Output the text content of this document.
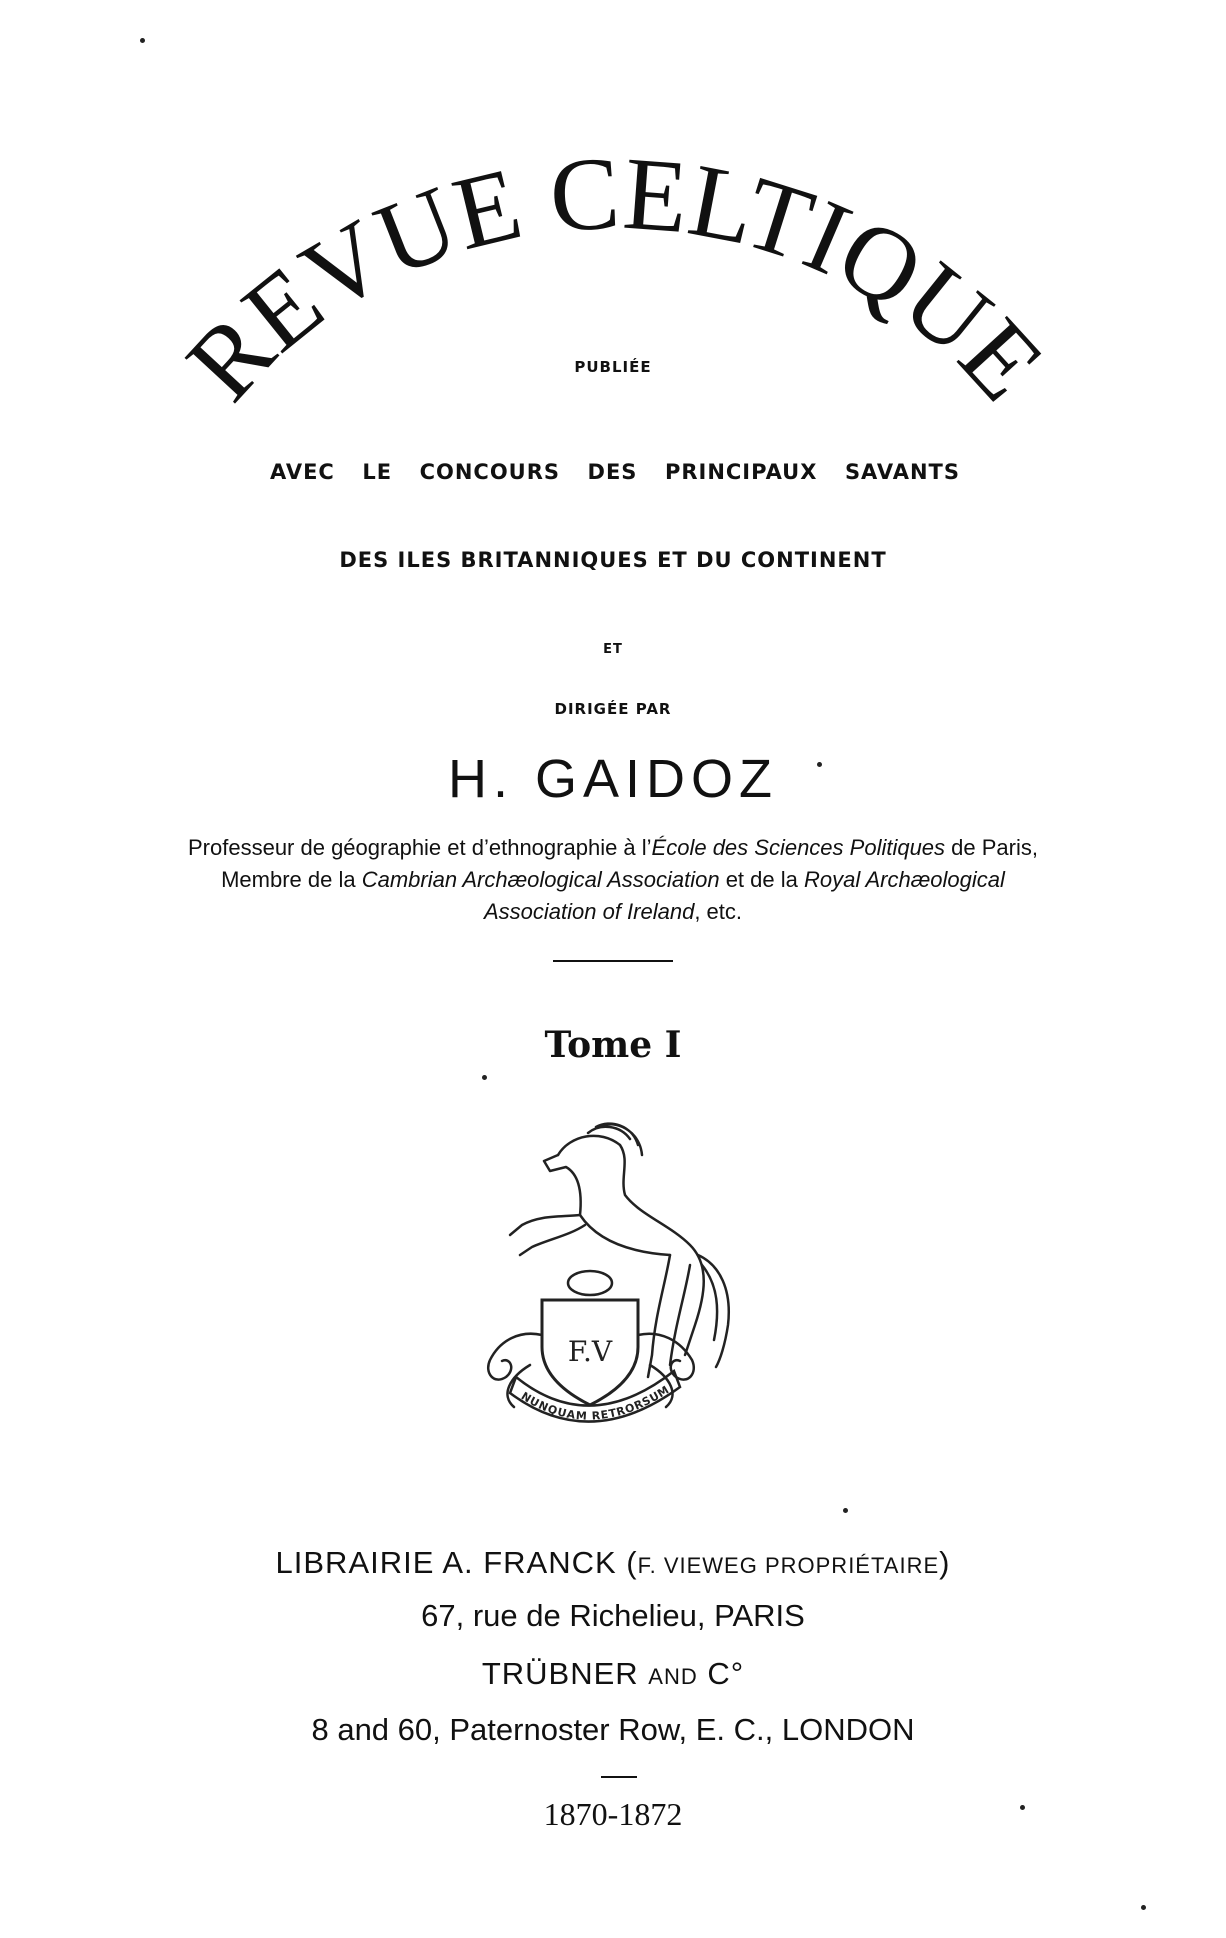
REVUE CELTIQUE
PUBLIÉE
AVEC LE CONCOURS DES PRINCIPAUX SAVANTS
DES ILES BRITANNIQUES ET DU CONTINENT
ET
DIRIGÉE PAR
H. GAIDOZ
Professeur de géographie et d’ethnographie à l’École des Sciences Politiques de Paris,
Membre de la Cambrian Archæological Association et de la Royal Archæological
Association of Ireland, etc.
Tome I
F.V
NUNQUAM RETRORSUM
LIBRAIRIE A. FRANCK (F. VIEWEG PROPRIÉTAIRE)
67, rue de Richelieu, PARIS
TRÜBNER AND C°
8 and 60, Paternoster Row, E. C., LONDON
1870-1872
